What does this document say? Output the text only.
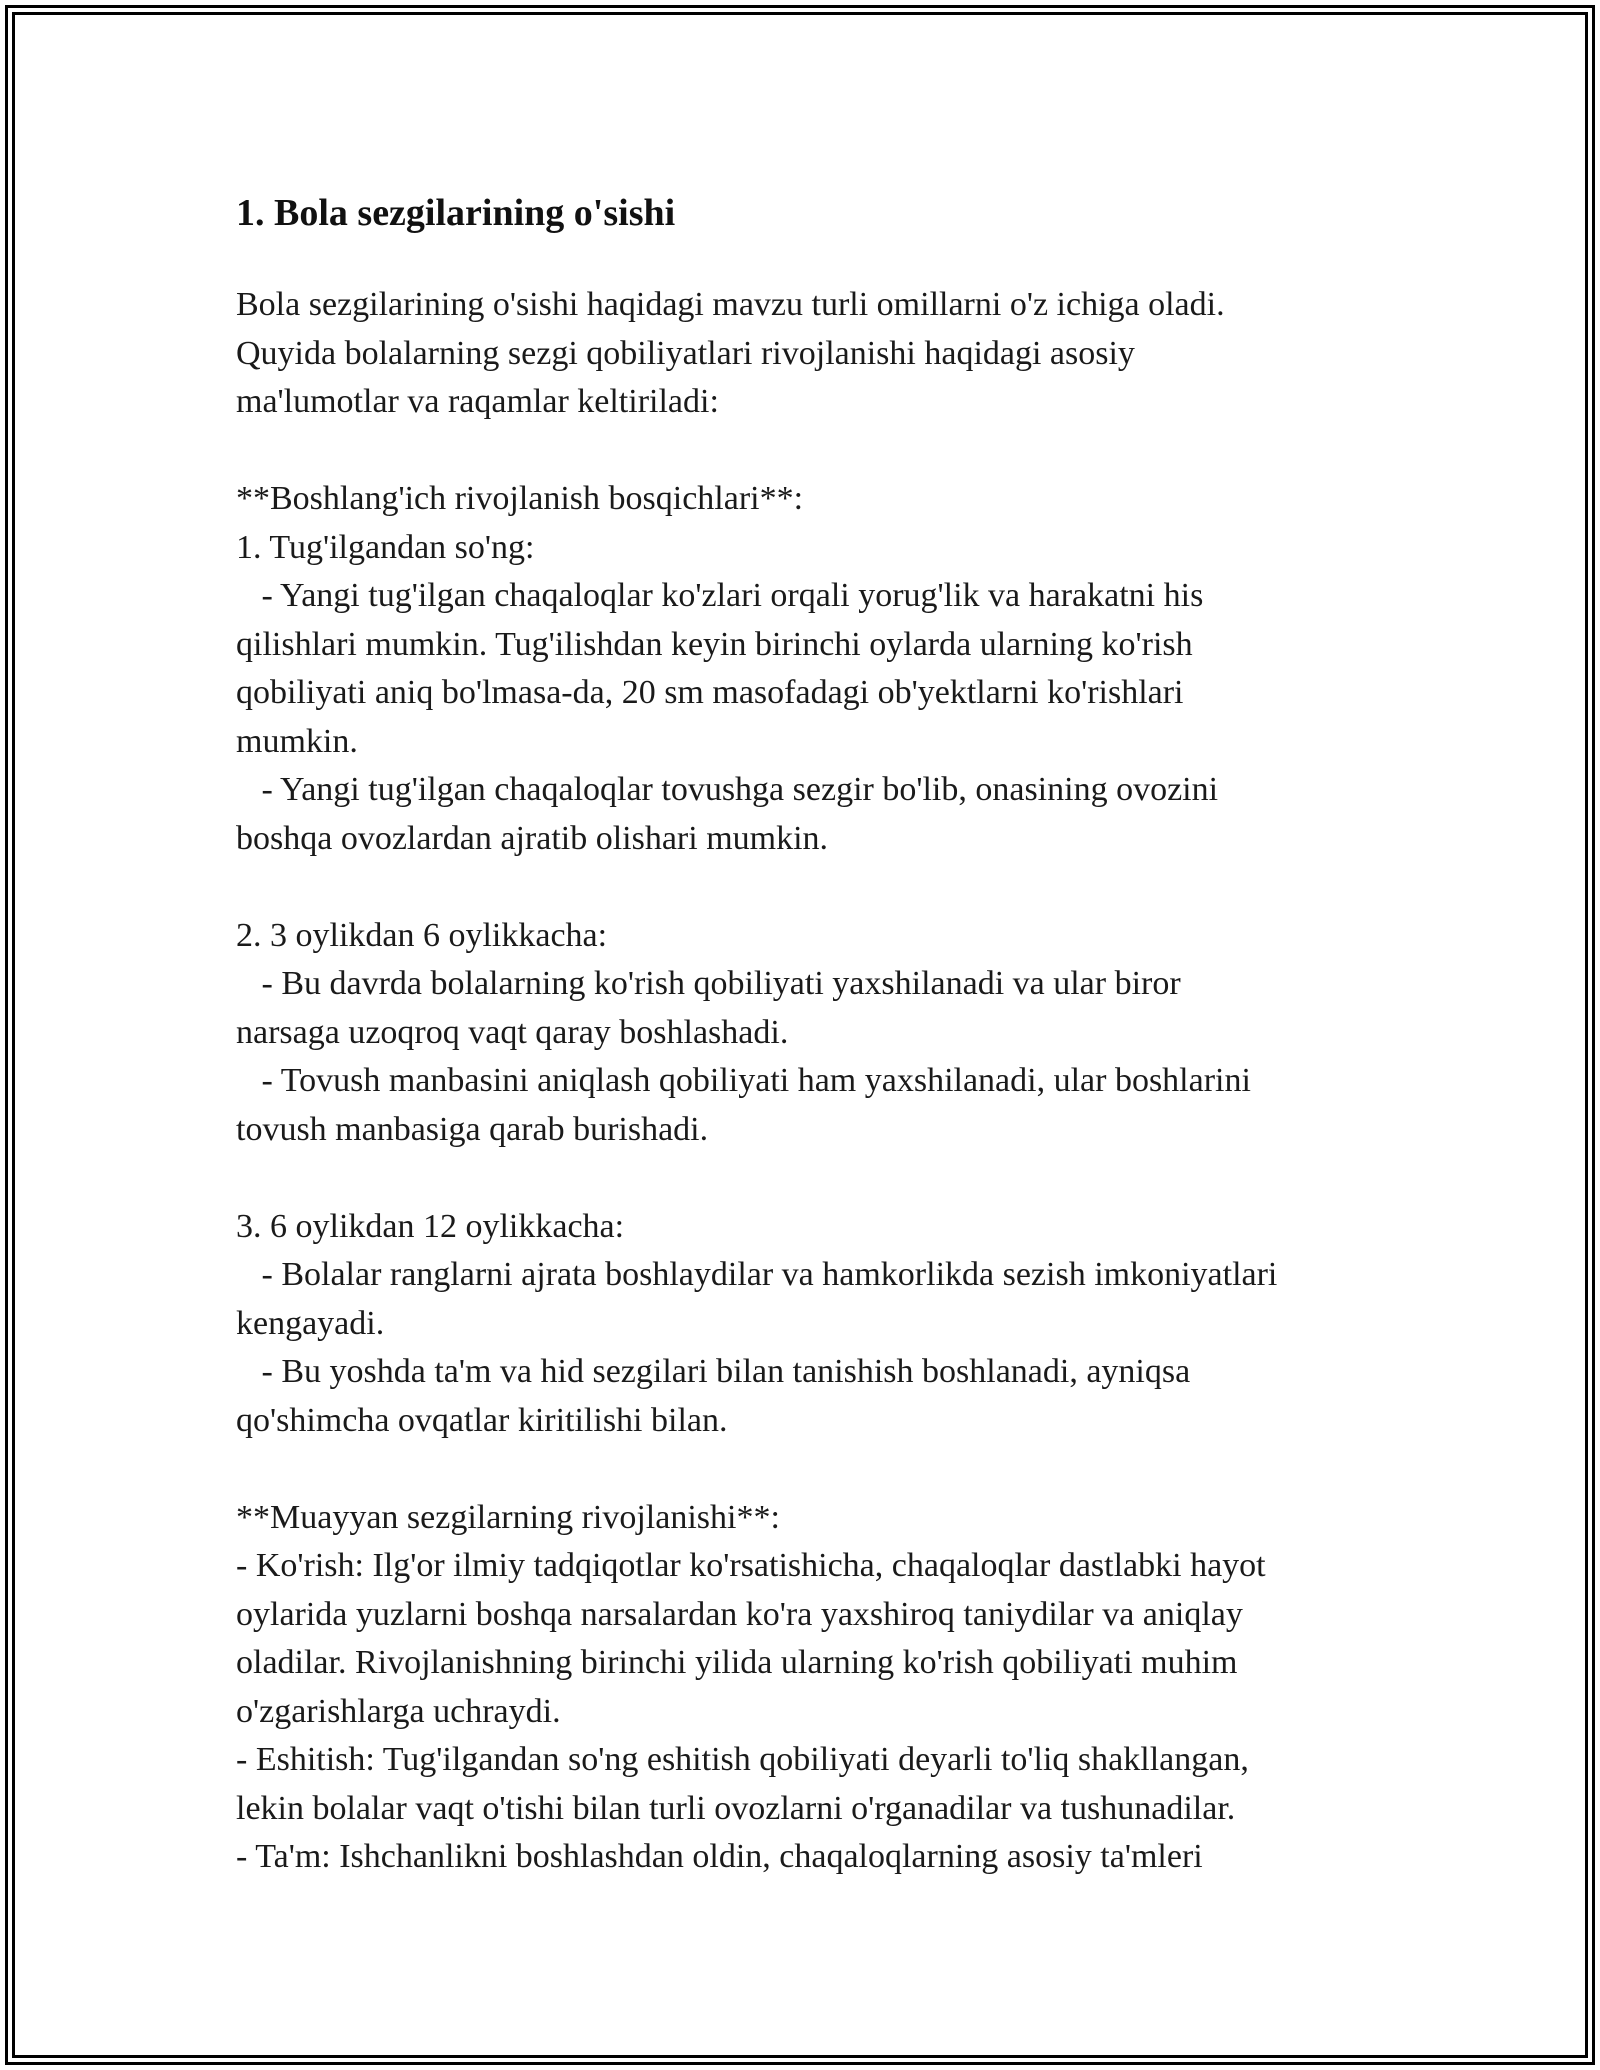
1. Bola sezgilarining o'sishi
Bola sezgilarining o'sishi haqidagi mavzu turli omillarni o'z ichiga oladi.
Quyida bolalarning sezgi qobiliyatlari rivojlanishi haqidagi asosiy
ma'lumotlar va raqamlar keltiriladi:
**Boshlang'ich rivojlanish bosqichlari**:
1. Tug'ilgandan so'ng:
- Yangi tug'ilgan chaqaloqlar ko'zlari orqali yorug'lik va harakatni his
qilishlari mumkin. Tug'ilishdan keyin birinchi oylarda ularning ko'rish
qobiliyati aniq bo'lmasa-da, 20 sm masofadagi ob'yektlarni ko'rishlari
mumkin.
- Yangi tug'ilgan chaqaloqlar tovushga sezgir bo'lib, onasining ovozini
boshqa ovozlardan ajratib olishari mumkin.
2. 3 oylikdan 6 oylikkacha:
- Bu davrda bolalarning ko'rish qobiliyati yaxshilanadi va ular biror
narsaga uzoqroq vaqt qaray boshlashadi.
- Tovush manbasini aniqlash qobiliyati ham yaxshilanadi, ular boshlarini
tovush manbasiga qarab burishadi.
3. 6 oylikdan 12 oylikkacha:
- Bolalar ranglarni ajrata boshlaydilar va hamkorlikda sezish imkoniyatlari
kengayadi.
- Bu yoshda ta'm va hid sezgilari bilan tanishish boshlanadi, ayniqsa
qo'shimcha ovqatlar kiritilishi bilan.
**Muayyan sezgilarning rivojlanishi**:
- Ko'rish: Ilg'or ilmiy tadqiqotlar ko'rsatishicha, chaqaloqlar dastlabki hayot
oylarida yuzlarni boshqa narsalardan ko'ra yaxshiroq taniydilar va aniqlay
oladilar. Rivojlanishning birinchi yilida ularning ko'rish qobiliyati muhim
o'zgarishlarga uchraydi.
- Eshitish: Tug'ilgandan so'ng eshitish qobiliyati deyarli to'liq shakllangan,
lekin bolalar vaqt o'tishi bilan turli ovozlarni o'rganadilar va tushunadilar.
- Ta'm: Ishchanlikni boshlashdan oldin, chaqaloqlarning asosiy ta'mleri
